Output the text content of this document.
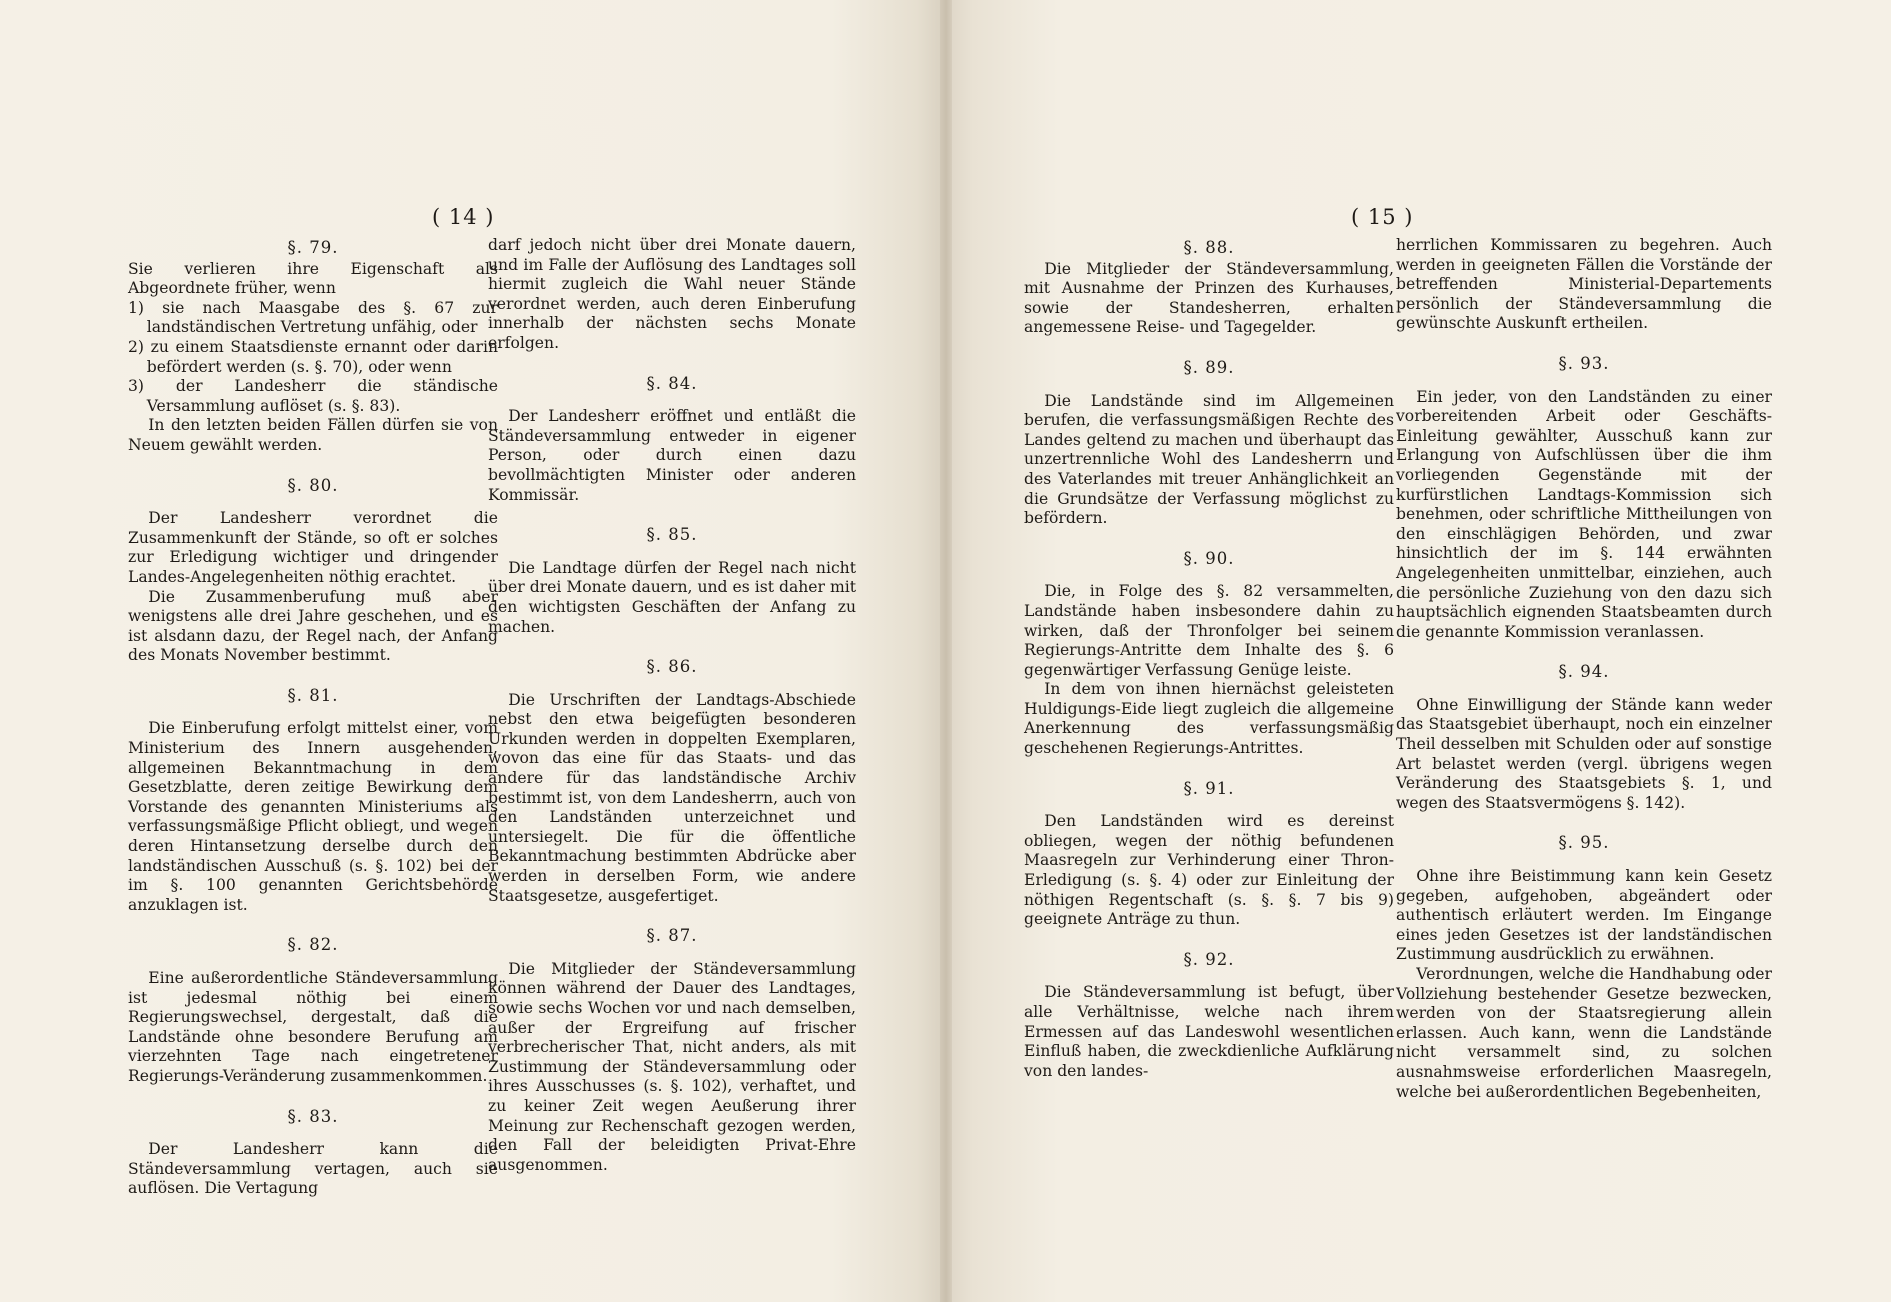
( 14 )
§. 79.

Sie verlieren ihre Eigenschaft als Abgeordnete früher, wenn

1) sie nach Maasgabe des §. 67 zur landständischen Vertretung unfähig, oder

2) zu einem Staatsdienste ernannt oder darin befördert werden (s. §. 70), oder wenn

3) der Landesherr die ständische Versammlung auflöset (s. §. 83).

In den letzten beiden Fällen dürfen sie von Neuem gewählt werden.

§. 80.

Der Landesherr verordnet die Zusammenkunft der Stände, so oft er solches zur Erledigung wichtiger und dringender Landes-Angelegenheiten nöthig erachtet.

Die Zusammenberufung muß aber wenigstens alle drei Jahre geschehen, und es ist alsdann dazu, der Regel nach, der Anfang des Monats November bestimmt.

§. 81.

Die Einberufung erfolgt mittelst einer, vom Ministerium des Innern ausgehenden, allgemeinen Bekanntmachung in dem Gesetzblatte, deren zeitige Bewirkung dem Vorstande des genannten Ministeriums als verfassungsmäßige Pflicht obliegt, und wegen deren Hintansetzung derselbe durch den landständischen Ausschuß (s. §. 102) bei der im §. 100 genannten Gerichtsbehörde anzuklagen ist.

§. 82.

Eine außerordentliche Ständeversammlung ist jedesmal nöthig bei einem Regierungswechsel, dergestalt, daß die Landstände ohne besondere Berufung am vierzehnten Tage nach eingetretener Regierungs-Veränderung zusammenkommen.

§. 83.

Der Landesherr kann die Ständeversammlung vertagen, auch sie auflösen. Die Vertagung

darf jedoch nicht über drei Monate dauern, und im Falle der Auflösung des Landtages soll hiermit zugleich die Wahl neuer Stände verordnet werden, auch deren Einberufung innerhalb der nächsten sechs Monate erfolgen.

§. 84.

Der Landesherr eröffnet und entläßt die Ständeversammlung entweder in eigener Person, oder durch einen dazu bevollmächtigten Minister oder anderen Kommissär.

§. 85.

Die Landtage dürfen der Regel nach nicht über drei Monate dauern, und es ist daher mit den wichtigsten Geschäften der Anfang zu machen.

§. 86.

Die Urschriften der Landtags-Abschiede nebst den etwa beigefügten besonderen Urkunden werden in doppelten Exemplaren, wovon das eine für das Staats- und das andere für das landständische Archiv bestimmt ist, von dem Landesherrn, auch von den Landständen unterzeichnet und untersiegelt. Die für die öffentliche Bekanntmachung bestimmten Abdrücke aber werden in derselben Form, wie andere Staatsgesetze, ausgefertiget.

§. 87.

Die Mitglieder der Ständeversammlung können während der Dauer des Landtages, sowie sechs Wochen vor und nach demselben, außer der Ergreifung auf frischer verbrecherischer That, nicht anders, als mit Zustimmung der Ständeversammlung oder ihres Ausschusses (s. §. 102), verhaftet, und zu keiner Zeit wegen Aeußerung ihrer Meinung zur Rechenschaft gezogen werden, den Fall der beleidigten Privat-Ehre ausgenommen.

( 15 )
§. 88.

Die Mitglieder der Ständeversammlung, mit Ausnahme der Prinzen des Kurhauses, sowie der Standesherren, erhalten angemessene Reise- und Tagegelder.

§. 89.

Die Landstände sind im Allgemeinen berufen, die verfassungsmäßigen Rechte des Landes geltend zu machen und überhaupt das unzertrennliche Wohl des Landesherrn und des Vaterlandes mit treuer Anhänglichkeit an die Grundsätze der Verfassung möglichst zu befördern.

§. 90.

Die, in Folge des §. 82 versammelten, Landstände haben insbesondere dahin zu wirken, daß der Thronfolger bei seinem Regierungs-Antritte dem Inhalte des §. 6 gegenwärtiger Verfassung Genüge leiste.

In dem von ihnen hiernächst geleisteten Huldigungs-Eide liegt zugleich die allgemeine Anerkennung des verfassungsmäßig geschehenen Regierungs-Antrittes.

§. 91.

Den Landständen wird es dereinst obliegen, wegen der nöthig befundenen Maasregeln zur Verhinderung einer Thron-Erledigung (s. §. 4) oder zur Einleitung der nöthigen Regentschaft (s. §. §. 7 bis 9) geeignete Anträge zu thun.

§. 92.

Die Ständeversammlung ist befugt, über alle Verhältnisse, welche nach ihrem Ermessen auf das Landeswohl wesentlichen Einfluß haben, die zweckdienliche Aufklärung von den landes-

herrlichen Kommissaren zu begehren. Auch werden in geeigneten Fällen die Vorstände der betreffenden Ministerial-Departements persönlich der Ständeversammlung die gewünschte Auskunft ertheilen.

§. 93.

Ein jeder, von den Landständen zu einer vorbereitenden Arbeit oder Geschäfts-Einleitung gewählter, Ausschuß kann zur Erlangung von Aufschlüssen über die ihm vorliegenden Gegenstände mit der kurfürstlichen Landtags-Kommission sich benehmen, oder schriftliche Mittheilungen von den einschlägigen Behörden, und zwar hinsichtlich der im §. 144 erwähnten Angelegenheiten unmittelbar, einziehen, auch die persönliche Zuziehung von den dazu sich hauptsächlich eignenden Staatsbeamten durch die genannte Kommission veranlassen.

§. 94.

Ohne Einwilligung der Stände kann weder das Staatsgebiet überhaupt, noch ein einzelner Theil desselben mit Schulden oder auf sonstige Art belastet werden (vergl. übrigens wegen Veränderung des Staatsgebiets §. 1, und wegen des Staatsvermögens §. 142).

§. 95.

Ohne ihre Beistimmung kann kein Gesetz gegeben, aufgehoben, abgeändert oder authentisch erläutert werden. Im Eingange eines jeden Gesetzes ist der landständischen Zustimmung ausdrücklich zu erwähnen.

Verordnungen, welche die Handhabung oder Vollziehung bestehender Gesetze bezwecken, werden von der Staatsregierung allein erlassen. Auch kann, wenn die Landstände nicht versammelt sind, zu solchen ausnahmsweise erforderlichen Maasregeln, welche bei außerordentlichen Begebenheiten,
